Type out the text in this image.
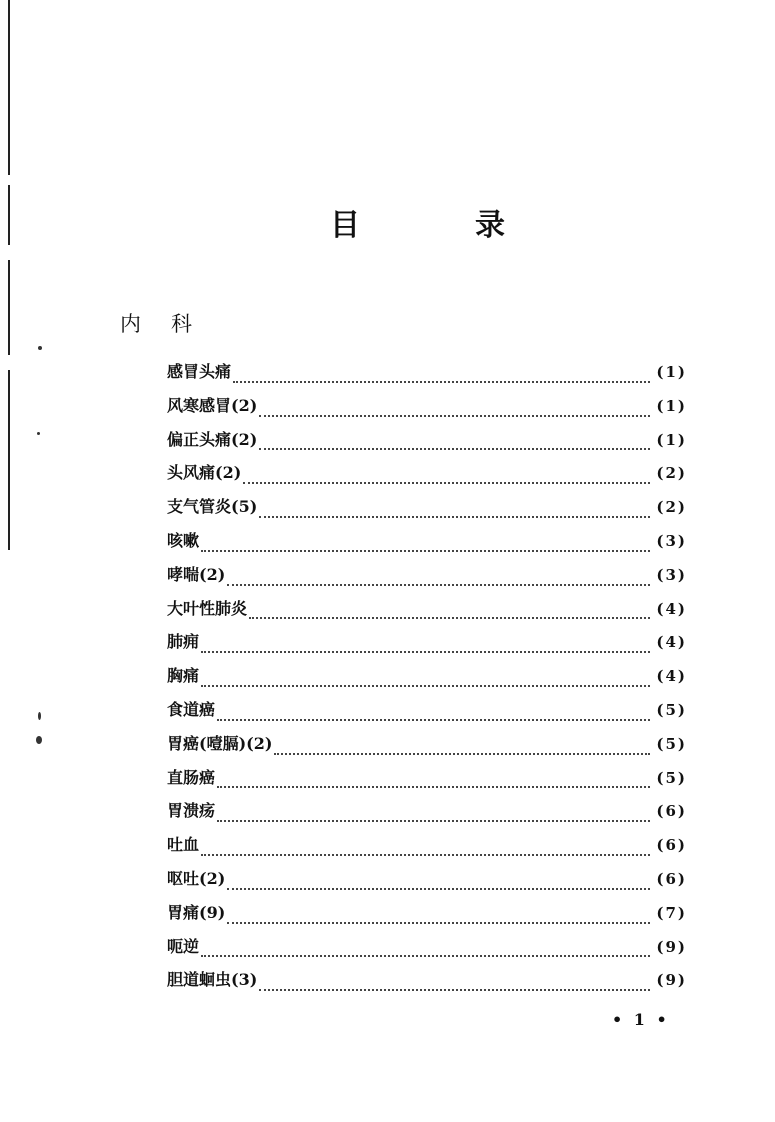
目	录
内 科
感冒头痛	(1)
风寒感冒(2)	(1)
偏正头痛(2)	(1)
头风痛(2)	(2)
支气管炎(5)	(2)
咳嗽	(3)
哮喘(2)	(3)
大叶性肺炎	(4)
肺痈	(4)
胸痛	(4)
食道癌	(5)
胃癌(噎膈)(2)	(5)
直肠癌	(5)
胃溃疡	(6)
吐血	(6)
呕吐(2)	(6)
胃痛(9)	(7)
呃逆	(9)
胆道蛔虫(3)	(9)
• 1 •
